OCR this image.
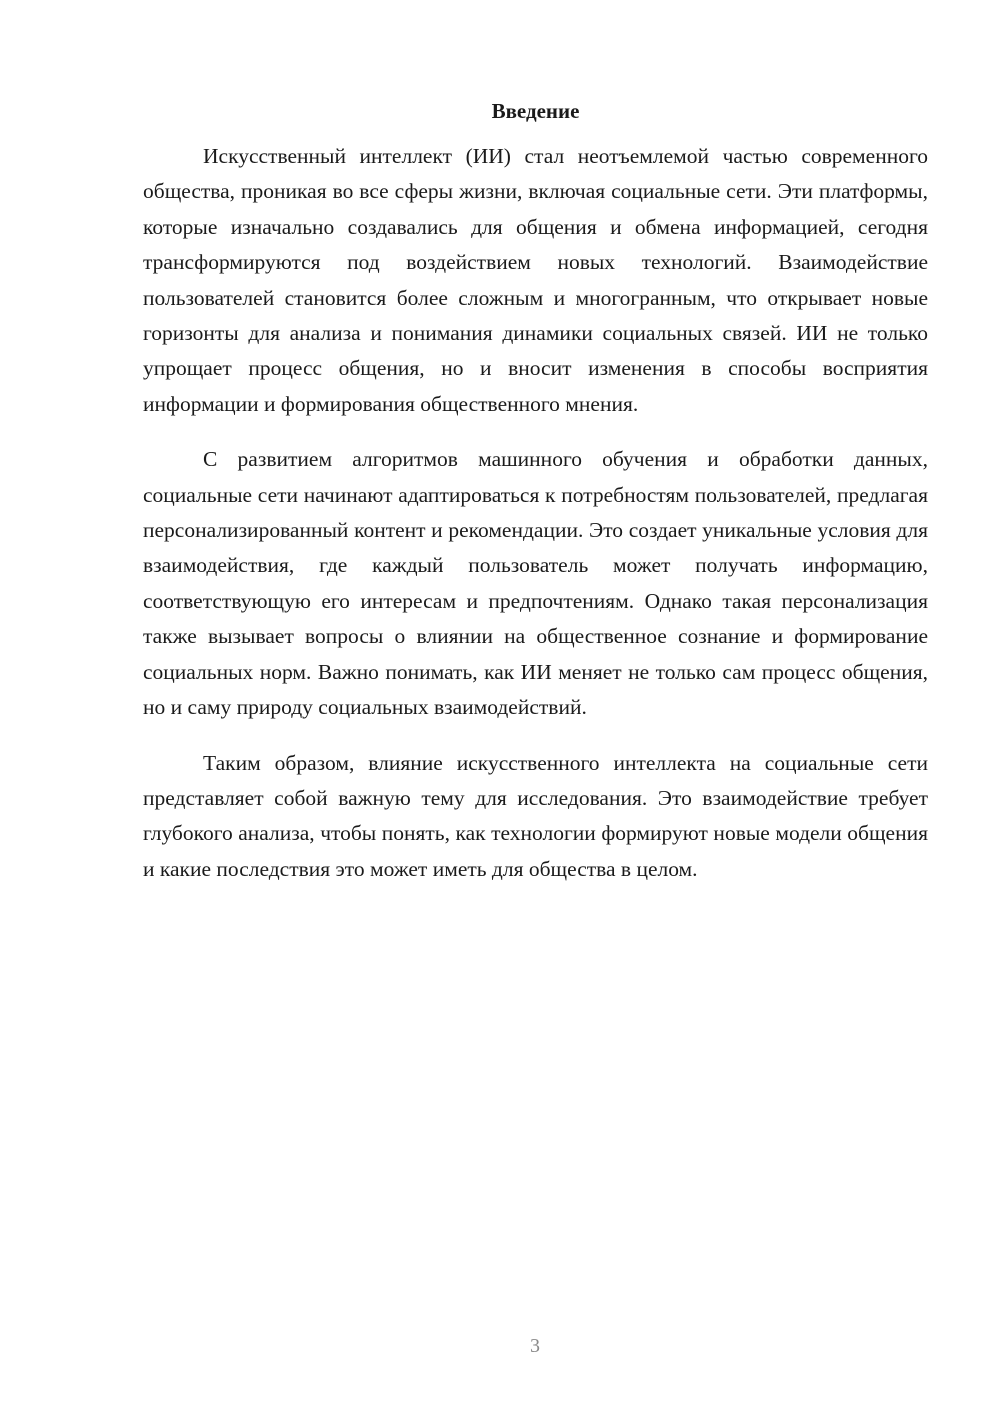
Введение

Искусственный интеллект (ИИ) стал неотъемлемой частью современного общества, проникая во все сферы жизни, включая социальные сети. Эти платформы, которые изначально создавались для общения и обмена информацией, сегодня трансформируются под воздействием новых технологий. Взаимодействие пользователей становится более сложным и многогранным, что открывает новые горизонты для анализа и понимания динамики социальных связей. ИИ не только упрощает процесс общения, но и вносит изменения в способы восприятия информации и формирования общественного мнения.

С развитием алгоритмов машинного обучения и обработки данных, социальные сети начинают адаптироваться к потребностям пользователей, предлагая персонализированный контент и рекомендации. Это создает уникальные условия для взаимодействия, где каждый пользователь может получать информацию, соответствующую его интересам и предпочтениям. Однако такая персонализация также вызывает вопросы о влиянии на общественное сознание и формирование социальных норм. Важно понимать, как ИИ меняет не только сам процесс общения, но и саму природу социальных взаимодействий.

Таким образом, влияние искусственного интеллекта на социальные сети представляет собой важную тему для исследования. Это взаимодействие требует глубокого анализа, чтобы понять, как технологии формируют новые модели общения и какие последствия это может иметь для общества в целом.

3
